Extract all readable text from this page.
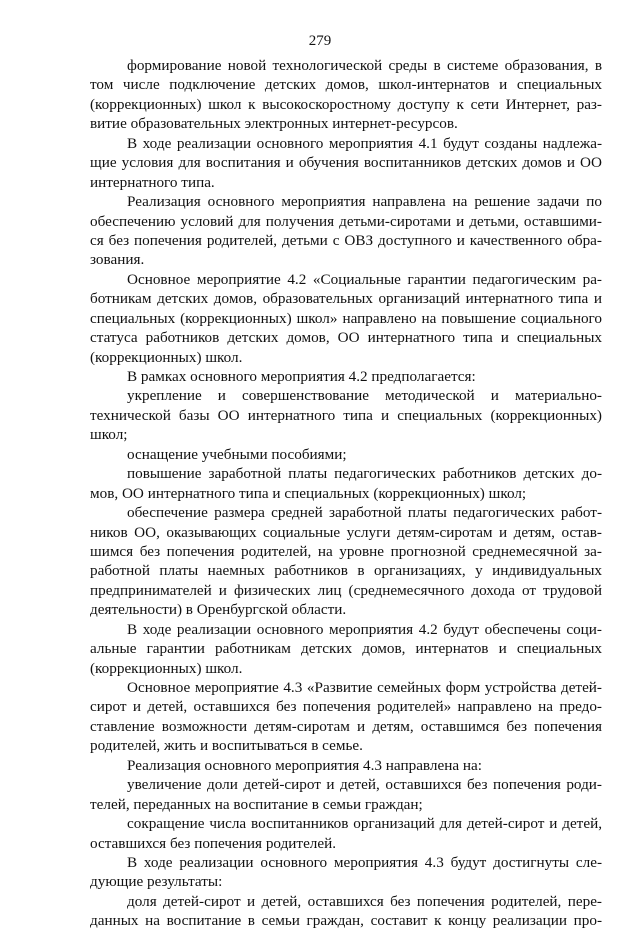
279
формирование новой технологической среды в системе образования, в
том числе подключение детских домов, школ-интернатов и специальных
(коррекционных) школ к высокоскоростному доступу к сети Интернет, раз-
витие образовательных электронных интернет-ресурсов.
В ходе реализации основного мероприятия 4.1 будут созданы надлежа-
щие условия для воспитания и обучения воспитанников детских домов и ОО
интернатного типа.
Реализация основного мероприятия направлена на решение задачи по
обеспечению условий для получения детьми-сиротами и детьми, оставшими-
ся без попечения родителей, детьми с ОВЗ доступного и качественного обра-
зования.
Основное мероприятие 4.2 «Социальные гарантии педагогическим ра-
ботникам детских домов, образовательных организаций интернатного типа и
специальных (коррекционных) школ» направлено на повышение социального
статуса работников детских домов, ОО интернатного типа и специальных
(коррекционных) школ.
В рамках основного мероприятия 4.2 предполагается:
укрепление и совершенствование методической и материально-
технической базы ОО интернатного типа и специальных (коррекционных)
школ;
оснащение учебными пособиями;
повышение заработной платы педагогических работников детских до-
мов, ОО интернатного типа и специальных (коррекционных) школ;
обеспечение размера средней заработной платы педагогических работ-
ников ОО, оказывающих социальные услуги детям-сиротам и детям, остав-
шимся без попечения родителей, на уровне прогнозной среднемесячной за-
работной платы наемных работников в организациях, у индивидуальных
предпринимателей и физических лиц (среднемесячного дохода от трудовой
деятельности) в Оренбургской области.
В ходе реализации основного мероприятия 4.2 будут обеспечены соци-
альные гарантии работникам детских домов, интернатов и специальных
(коррекционных) школ.
Основное мероприятие 4.3 «Развитие семейных форм устройства детей-
сирот и детей, оставшихся без попечения родителей» направлено на предо-
ставление возможности детям-сиротам и детям, оставшимся без попечения
родителей, жить и воспитываться в семье.
Реализация основного мероприятия 4.3 направлена на:
увеличение доли детей-сирот и детей, оставшихся без попечения роди-
телей, переданных на воспитание в семьи граждан;
сокращение числа воспитанников организаций для детей-сирот и детей,
оставшихся без попечения родителей.
В ходе реализации основного мероприятия 4.3 будут достигнуты сле-
дующие результаты:
доля детей-сирот и детей, оставшихся без попечения родителей, пере-
данных на воспитание в семьи граждан, составит к концу реализации про-
